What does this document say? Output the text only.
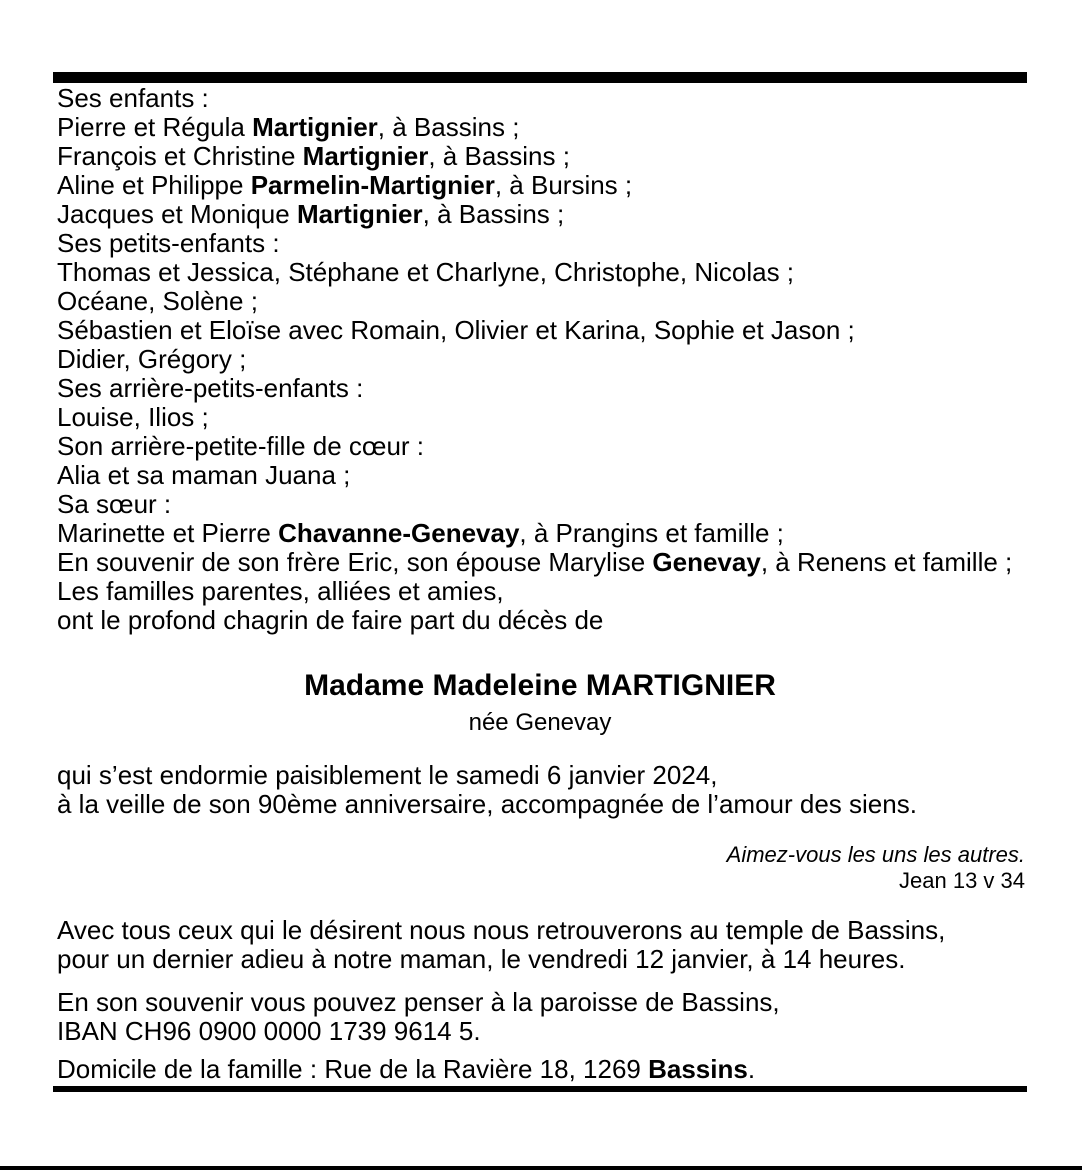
Ses enfants :
Pierre et Régula Martignier, à Bassins ;
François et Christine Martignier, à Bassins ;
Aline et Philippe Parmelin-Martignier, à Bursins ;
Jacques et Monique Martignier, à Bassins ;
Ses petits-enfants :
Thomas et Jessica, Stéphane et Charlyne, Christophe, Nicolas ;
Océane, Solène ;
Sébastien et Eloïse avec Romain, Olivier et Karina, Sophie et Jason ;
Didier, Grégory ;
Ses arrière-petits-enfants :
Louise, Ilios ;
Son arrière-petite-fille de cœur :
Alia et sa maman Juana ;
Sa sœur :
Marinette et Pierre Chavanne-Genevay, à Prangins et famille ;
En souvenir de son frère Eric, son épouse Marylise Genevay, à Renens et famille ;
Les familles parentes, alliées et amies,
ont le profond chagrin de faire part du décès de
Madame Madeleine MARTIGNIER
née Genevay
qui s’est endormie paisiblement le samedi 6 janvier 2024,
à la veille de son 90ème anniversaire, accompagnée de l’amour des siens.
Aimez-vous les uns les autres.
Jean 13 v 34
Avec tous ceux qui le désirent nous nous retrouverons au temple de Bassins,
pour un dernier adieu à notre maman, le vendredi 12 janvier, à 14 heures.
En son souvenir vous pouvez penser à la paroisse de Bassins,
IBAN CH96 0900 0000 1739 9614 5.
Domicile de la famille : Rue de la Ravière 18, 1269 Bassins.
